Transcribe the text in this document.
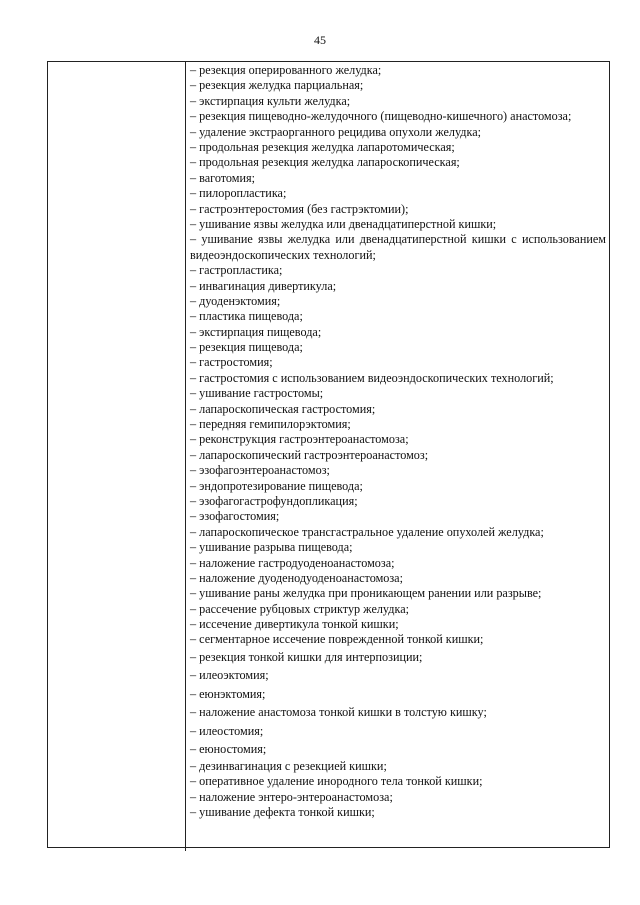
45
– резекция оперированного желудка;
– резекция желудка парциальная;
– экстирпация культи желудка;
– резекция пищеводно-желудочного (пищеводно-кишечного) анастомоза;
– удаление экстраорганного рецидива опухоли желудка;
– продольная резекция желудка лапаротомическая;
– продольная резекция желудка лапароскопическая;
– ваготомия;
– пилоропластика;
– гастроэнтеростомия (без гастрэктомии);
– ушивание язвы желудка или двенадцатиперстной кишки;
– ушивание язвы желудка или двенадцатиперстной кишки с использованием видеоэндоскопических технологий;
– гастропластика;
– инвагинация дивертикула;
– дуоденэктомия;
– пластика пищевода;
– экстирпация пищевода;
– резекция пищевода;
– гастростомия;
– гастростомия с использованием видеоэндоскопических технологий;
– ушивание гастростомы;
– лапароскопическая гастростомия;
– передняя гемипилорэктомия;
– реконструкция гастроэнтероанастомоза;
– лапароскопический гастроэнтероанастомоз;
– эзофагоэнтероанастомоз;
– эндопротезирование пищевода;
– эзофагогастрофундопликация;
– эзофагостомия;
– лапароскопическое трансгастральное удаление опухолей желудка;
– ушивание разрыва пищевода;
– наложение гастродуоденоанастомоза;
– наложение дуоденодуоденоанастомоза;
– ушивание раны желудка при проникающем ранении или разрыве;
– рассечение рубцовых стриктур желудка;
– иссечение дивертикула тонкой кишки;
– сегментарное иссечение поврежденной тонкой кишки;
– резекция тонкой кишки для интерпозиции;
– илеоэктомия;
– еюнэктомия;
– наложение анастомоза тонкой кишки в толстую кишку;
– илеостомия;
– еюностомия;
– дезинвагинация с резекцией кишки;
– оперативное удаление инородного тела тонкой кишки;
– наложение энтеро-энтероанастомоза;
– ушивание дефекта тонкой кишки;
